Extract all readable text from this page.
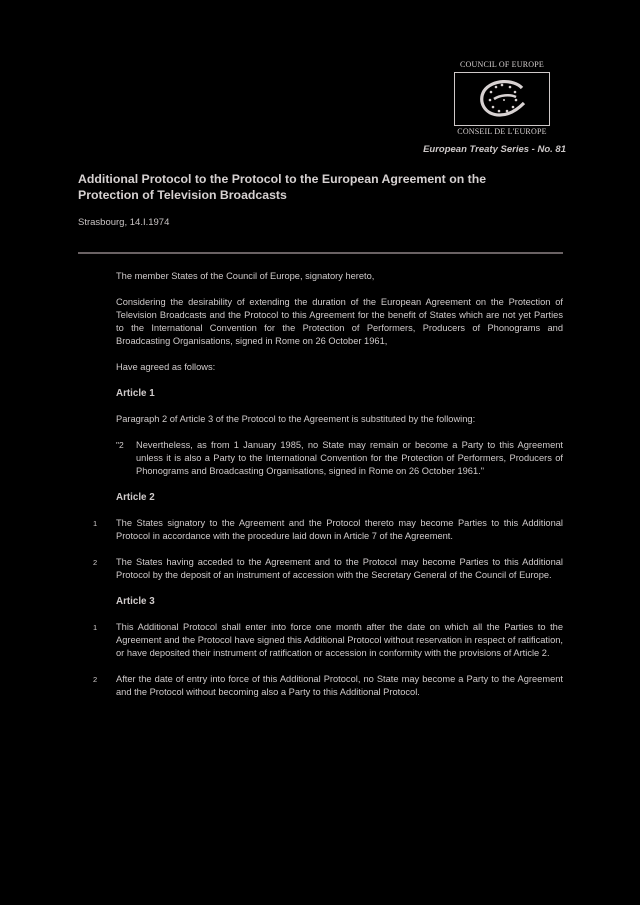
COUNCIL OF EUROPE
CONSEIL DE L'EUROPE
European Treaty Series - No. 81
Additional Protocol to the Protocol to the European Agreement on the Protection of Television Broadcasts
Strasbourg, 14.I.1974

The member States of the Council of Europe, signatory hereto,

Considering the desirability of extending the duration of the European Agreement on the Protection of Television Broadcasts and the Protocol to this Agreement for the benefit of States which are not yet Parties to the International Convention for the Protection of Performers, Producers of Phonograms and Broadcasting Organisations, signed in Rome on 26 October 1961,

Have agreed as follows:

Article 1

Paragraph 2 of Article 3 of the Protocol to the Agreement is substituted by the following:

"2 Nevertheless, as from 1 January 1985, no State may remain or become a Party to this Agreement unless it is also a Party to the International Convention for the Protection of Performers, Producers of Phonograms and Broadcasting Organisations, signed in Rome on 26 October 1961."
Article 2
1 The States signatory to the Agreement and the Protocol thereto may become Parties to this Additional Protocol in accordance with the procedure laid down in Article 7 of the Agreement.
2 The States having acceded to the Agreement and to the Protocol may become Parties to this Additional Protocol by the deposit of an instrument of accession with the Secretary General of the Council of Europe.
Article 3
1 This Additional Protocol shall enter into force one month after the date on which all the Parties to the Agreement and the Protocol have signed this Additional Protocol without reservation in respect of ratification, or have deposited their instrument of ratification or accession in conformity with the provisions of Article 2.
2 After the date of entry into force of this Additional Protocol, no State may become a Party to the Agreement and the Protocol without becoming also a Party to this Additional Protocol.
